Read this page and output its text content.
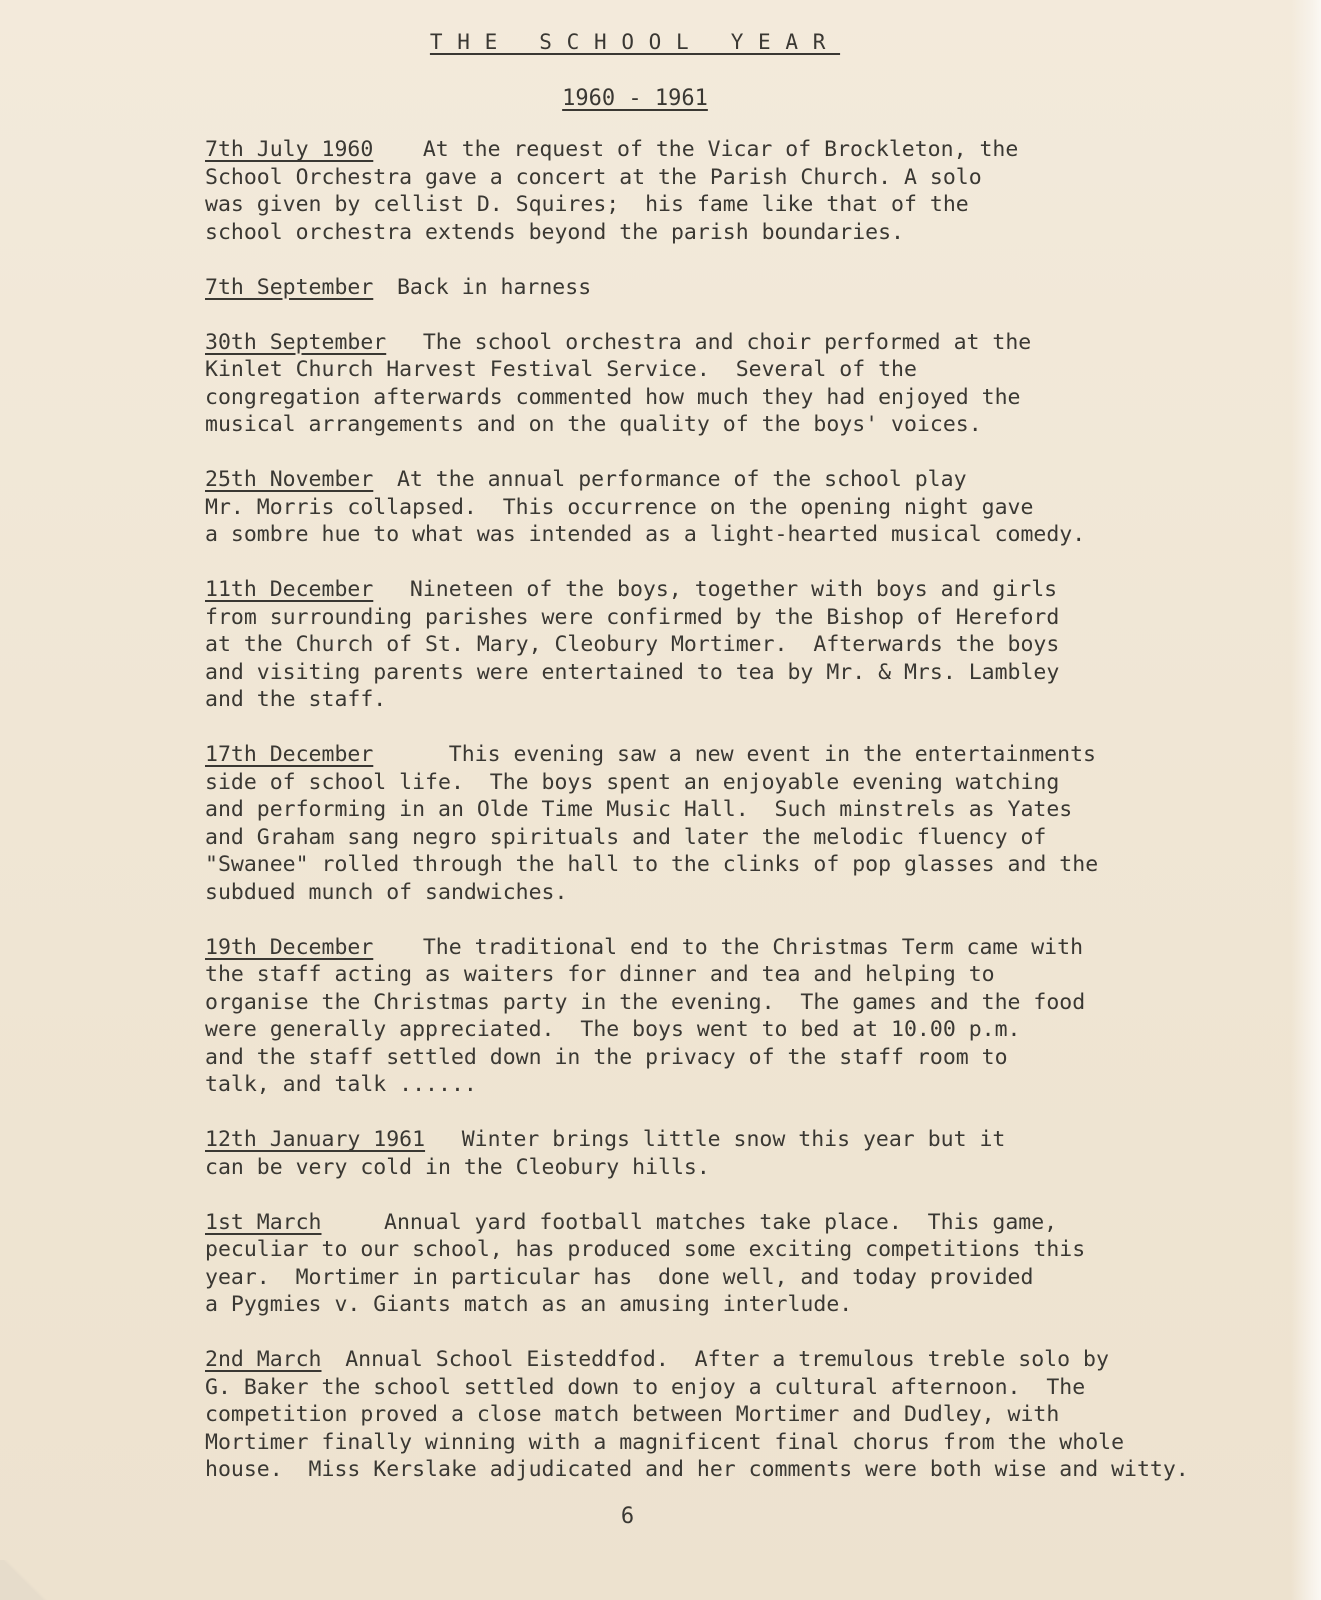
THE SCHOOL YEAR
1960 - 1961
7th July 1960   At the request of the Vicar of Brockleton, the
School Orchestra gave a concert at the Parish Church. A solo
was given by cellist D. Squires;  his fame like that of the
school orchestra extends beyond the parish boundaries.
7th September Back in harness
30th September  The school orchestra and choir performed at the
Kinlet Church Harvest Festival Service.  Several of the
congregation afterwards commented how much they had enjoyed the
musical arrangements and on the quality of the boys' voices.
25th November At the annual performance of the school play
Mr. Morris collapsed.  This occurrence on the opening night gave
a sombre hue to what was intended as a light-hearted musical comedy.
11th December  Nineteen of the boys, together with boys and girls
from surrounding parishes were confirmed by the Bishop of Hereford
at the Church of St. Mary, Cleobury Mortimer.  Afterwards the boys
and visiting parents were entertained to tea by Mr. & Mrs. Lambley
and the staff.
17th December     This evening saw a new event in the entertainments
side of school life.  The boys spent an enjoyable evening watching
and performing in an Olde Time Music Hall.  Such minstrels as Yates
and Graham sang negro spirituals and later the melodic fluency of
"Swanee" rolled through the hall to the clinks of pop glasses and the
subdued munch of sandwiches.
19th December   The traditional end to the Christmas Term came with
the staff acting as waiters for dinner and tea and helping to
organise the Christmas party in the evening.  The games and the food
were generally appreciated.  The boys went to bed at 10.00 p.m.
and the staff settled down in the privacy of the staff room to
talk, and talk ......
12th January 1961  Winter brings little snow this year but it
can be very cold in the Cleobury hills.
1st March    Annual yard football matches take place.  This game,
peculiar to our school, has produced some exciting competitions this
year.  Mortimer in particular has  done well, and today provided
a Pygmies v. Giants match as an amusing interlude.
2nd March Annual School Eisteddfod.  After a tremulous treble solo by
G. Baker the school settled down to enjoy a cultural afternoon.  The
competition proved a close match between Mortimer and Dudley, with
Mortimer finally winning with a magnificent final chorus from the whole
house.  Miss Kerslake adjudicated and her comments were both wise and witty.
6
